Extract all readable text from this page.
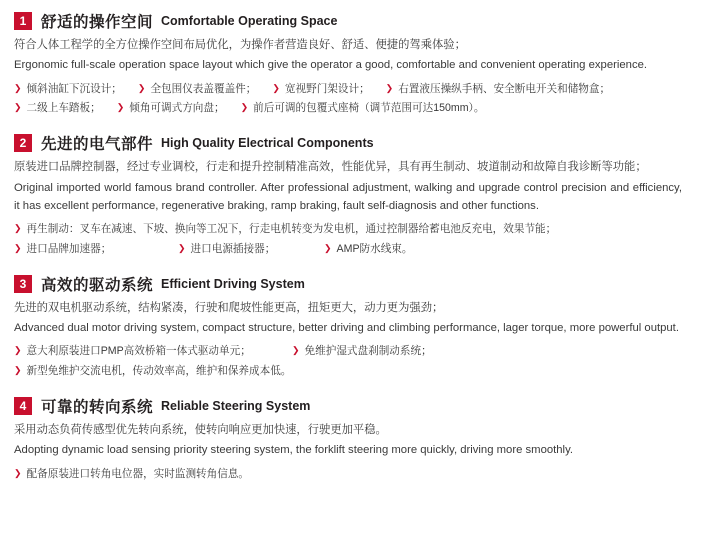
1 舒适的操作空间 Comfortable Operating Space

符合人体工程学的全方位操作空间布局优化，为操作者营造良好、舒适、便捷的驾乘体验；

Ergonomic full-scale operation space layout which give the operator a good, comfortable and convenient operating experience.

❯ 倾斜油缸下沉设计； ❯ 全包围仪表盖覆盖件； ❯ 宽视野门架设计； ❯ 右置液压操纵手柄、安全断电开关和储物盒；
❯ 二级上车踏板； ❯ 倾角可调式方向盘； ❯ 前后可调的包覆式座椅（调节范围可达150mm）。
2 先进的电气部件 High Quality Electrical Components

原装进口品牌控制器，经过专业调校，行走和提升控制精准高效，性能优异，具有再生制动、坡道制动和故障自我诊断等功能；

Original imported world famous brand controller. After professional adjustment, walking and upgrade control precision and efficiency, it has excellent performance, regenerative braking, ramp braking, fault self-diagnosis and other functions.

❯ 再生制动：叉车在减速、下坡、换向等工况下，行走电机转变为发电机，通过控制器给蓄电池反充电，效果节能；
❯ 进口品牌加速器；	❯ 进口电源插接器；	❯ AMP防水线束。
3 高效的驱动系统 Efficient Driving System

先进的双电机驱动系统，结构紧凑，行驶和爬坡性能更高，扭矩更大，动力更为强劲；

Advanced dual motor driving system, compact structure, better driving and climbing performance, lager torque, more powerful output.

❯ 意大利原装进口PMP高效桥箱一体式驱动单元；	❯ 免维护湿式盘刹制动系统；
❯ 新型免维护交流电机，传动效率高，维护和保养成本低。
4 可靠的转向系统 Reliable Steering System

采用动态负荷传感型优先转向系统，使转向响应更加快速，行驶更加平稳。

Adopting dynamic load sensing priority steering system, the forklift steering more quickly, driving more smoothly.

❯ 配备原装进口转角电位器，实时监测转角信息。
